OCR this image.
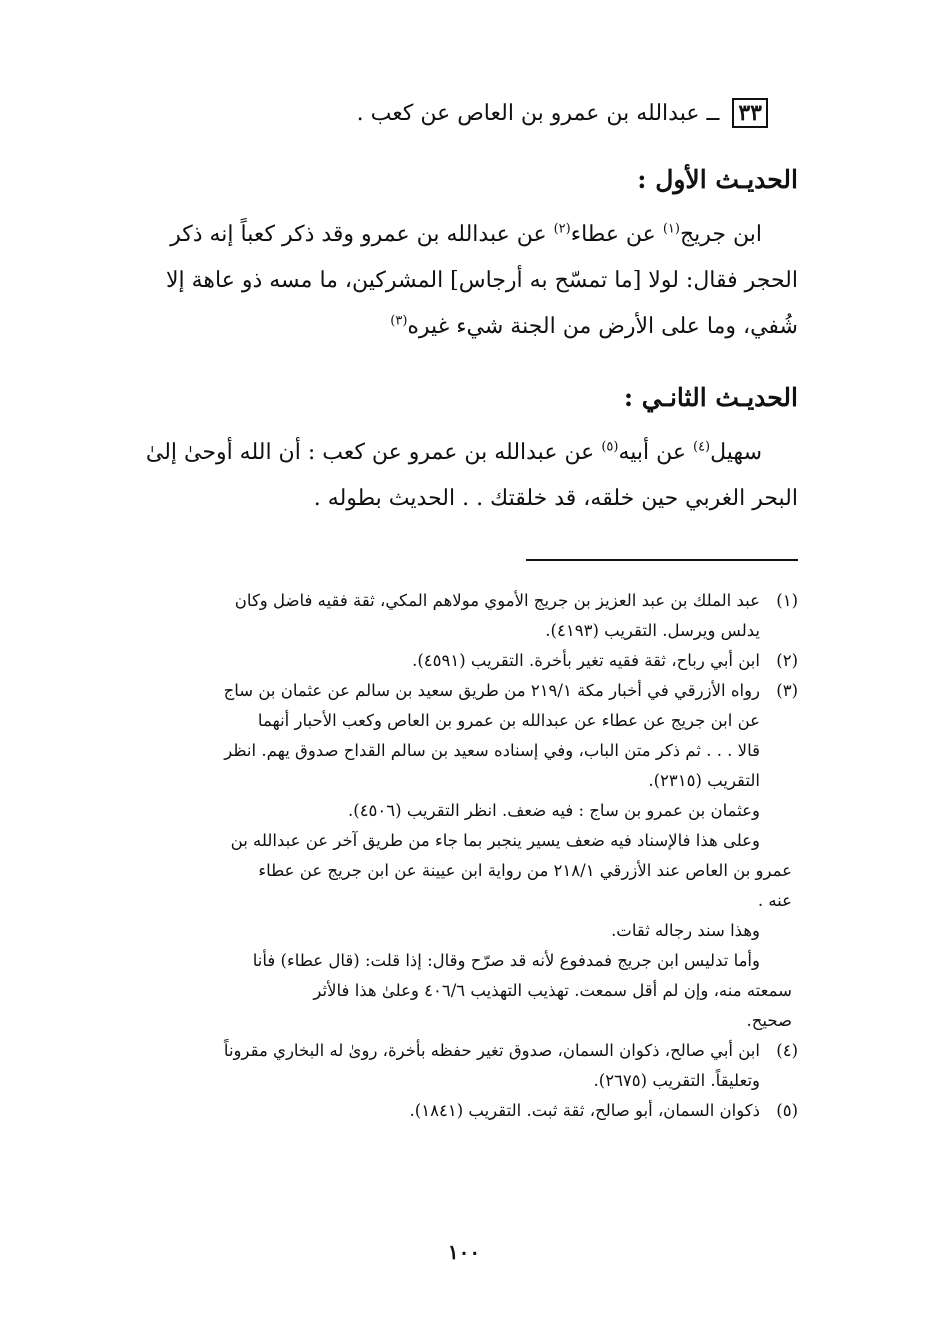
٣٣ ــ عبدالله بن عمرو بن العاص عن كعب .
الحديـث الأول :
ابن جريج$^{(١)}$ عن عطاء$^{(٢)}$ عن عبدالله بن عمرو وقد ذكر كعباً إنه ذكر
الحجر فقال: لولا [ما تمسّح به أرجاس] المشركين، ما مسه ذو عاهة إلا
شُفي، وما على الأرض من الجنة شيء غيره$^{(٣)}$
الحديـث الثانـي :
سهيل$^{(٤)}$ عن أبيه$^{(٥)}$ عن عبدالله بن عمرو عن كعب : أن الله أوحىٰ إلىٰ
البحر الغربي حين خلقه، قد خلقتك . . الحديث بطوله .
(١)
عبد الملك بن عبد العزيز بن جريج الأموي مولاهم المكي، ثقة فقيه فاضل وكان
يدلس ويرسل. التقريب (٤١٩٣).
(٢)
ابن أبي رباح، ثقة فقيه تغير بأخرة. التقريب (٤٥٩١).
(٣)
رواه الأزرقي في أخبار مكة ٢١٩/١ من طريق سعيد بن سالم عن عثمان بن ساج
عن ابن جريج عن عطاء عن عبدالله بن عمرو بن العاص وكعب الأحبار أنهما
قالا . . . ثم ذكر متن الباب، وفي إسناده سعيد بن سالم القداح صدوق يهم. انظر
التقريب (٢٣١٥).
وعثمان بن عمرو بن ساج : فيه ضعف. انظر التقريب (٤٥٠٦).
وعلى هذا فالإسناد فيه ضعف يسير ينجبر بما جاء من طريق آخر عن عبدالله بن
عمرو بن العاص عند الأزرقي ٢١٨/١ من رواية ابن عيينة عن ابن جريج عن عطاء
عنه .
وهذا سند رجاله ثقات.
وأما تدليس ابن جريج فمدفوع لأنه قد صرّح وقال: إذا قلت: (قال عطاء) فأنا
سمعته منه، وإن لم أقل سمعت. تهذيب التهذيب ٤٠٦/٦ وعلىٰ هذا فالأثر
صحيح.
(٤)
ابن أبي صالح، ذكوان السمان، صدوق تغير حفظه بأخرة، روىٰ له البخاري مقروناً
وتعليقاً. التقريب (٢٦٧٥).
(٥)
ذكوان السمان، أبو صالح، ثقة ثبت. التقريب (١٨٤١).
١٠٠
